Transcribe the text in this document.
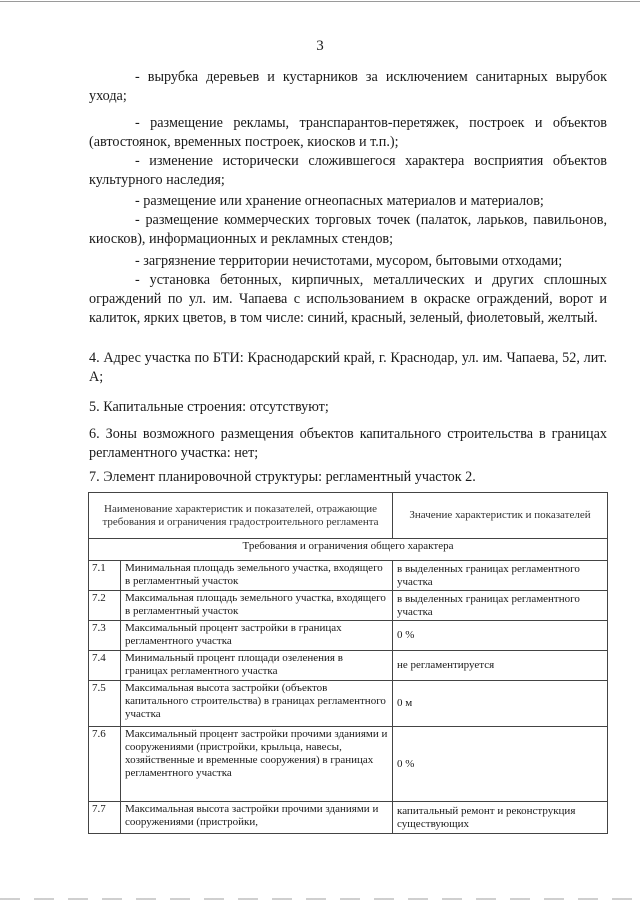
3
- вырубка деревьев и кустарников за исключением санитарных вырубок ухода;
- размещение рекламы, транспарантов-перетяжек, построек и объектов (автостоянок, временных построек, киосков и т.п.);
- изменение исторически сложившегося характера восприятия объектов культурного наследия;
- размещение или хранение огнеопасных материалов и материалов;
- размещение коммерческих торговых точек (палаток, ларьков, павильонов, киосков), информационных и рекламных стендов;
- загрязнение территории нечистотами, мусором, бытовыми отходами;
- установка бетонных, кирпичных, металлических и других сплошных ограждений по ул. им. Чапаева с использованием в окраске ограждений, ворот и калиток, ярких цветов, в том числе: синий, красный, зеленый, фиолетовый, желтый.
4. Адрес участка по БТИ: Краснодарский край, г. Краснодар, ул. им. Чапаева, 52, лит. А;
5. Капитальные строения: отсутствуют;
6. Зоны возможного размещения объектов капитального строительства в границах регламентного участка: нет;
7. Элемент планировочной структуры: регламентный участок 2.
Наименование характеристик и показателей, отражающие требования и ограничения градостроительного регламента		Значение характеристик и показателей
Требования и ограничения общего характера		
7.1	Минимальная площадь земельного участка, входящего в регламентный участок	в выделенных границах регламентного участка
7.2	Максимальная площадь земельного участка, входящего в регламентный участок	в выделенных границах регламентного участка
7.3	Максимальный процент застройки в границах регламентного участка	0 %
7.4	Минимальный процент площади озеленения в границах регламентного участка	не регламентируется
7.5	Максимальная высота застройки (объектов капитального строительства) в границах регламентного участка	0 м
7.6	Максимальный процент застройки прочими зданиями и сооружениями (пристройки, крыльца, навесы, хозяйственные и временные сооружения) в границах регламентного участка	0 %
7.7	Максимальная высота застройки прочими зданиями и сооружениями (пристройки,	капитальный ремонт и реконструкция существующих
